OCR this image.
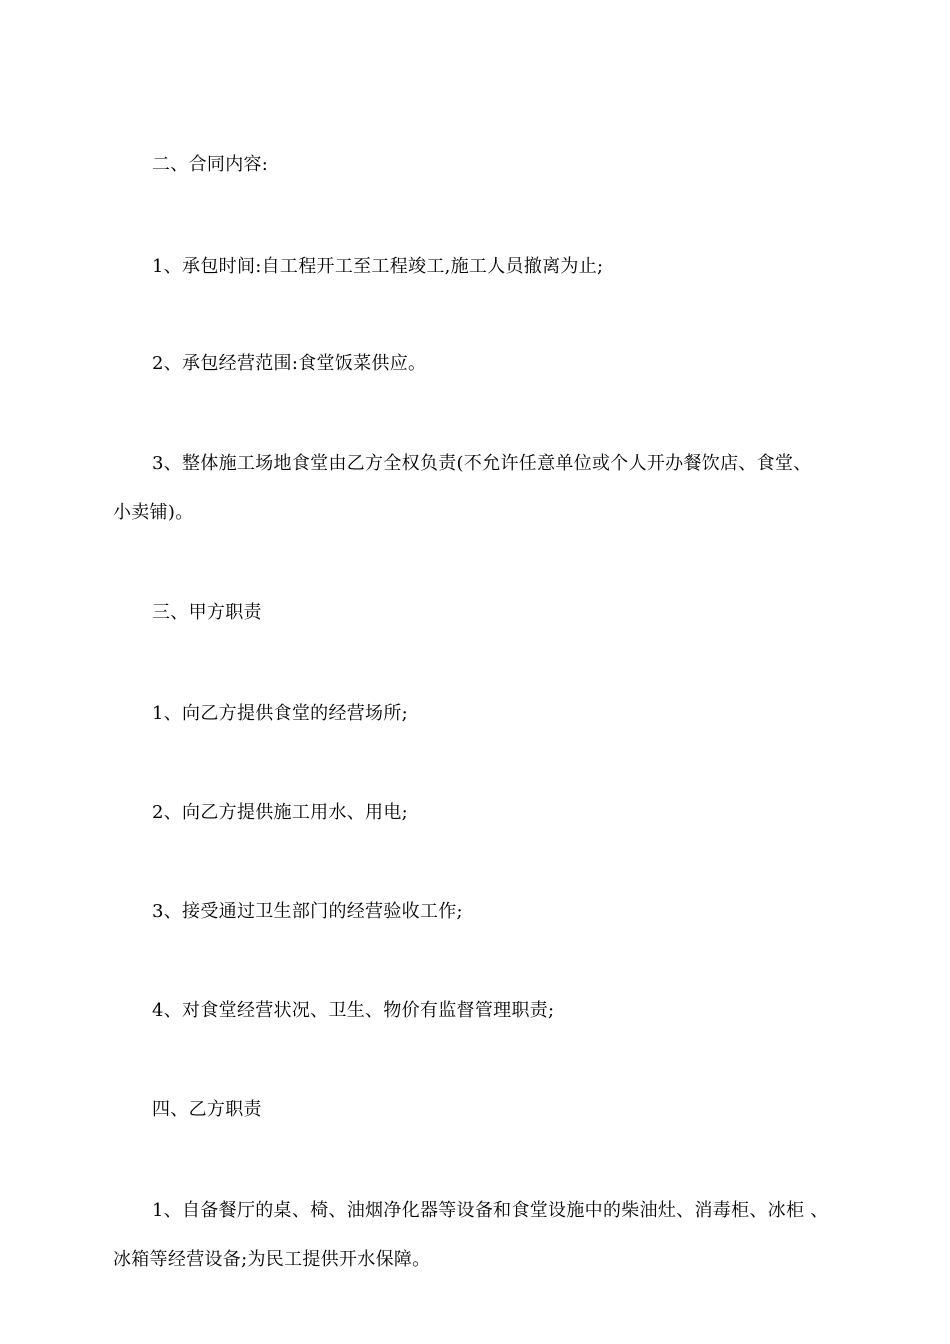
二、合同内容:
1、承包时间:自工程开工至工程竣工,施工人员撤离为止;
2、承包经营范围:食堂饭菜供应。
3、整体施工场地食堂由乙方全权负责(不允许任意单位或个人开办餐饮店、食堂、
小卖铺)。
三、甲方职责
1、向乙方提供食堂的经营场所;
2、向乙方提供施工用水、用电;
3、接受通过卫生部门的经营验收工作;
4、对食堂经营状况、卫生、物价有监督管理职责;
四、乙方职责
1、自备餐厅的桌、椅、油烟净化器等设备和食堂设施中的柴油灶、消毒柜、冰柜 、
冰箱等经营设备;为民工提供开水保障。
